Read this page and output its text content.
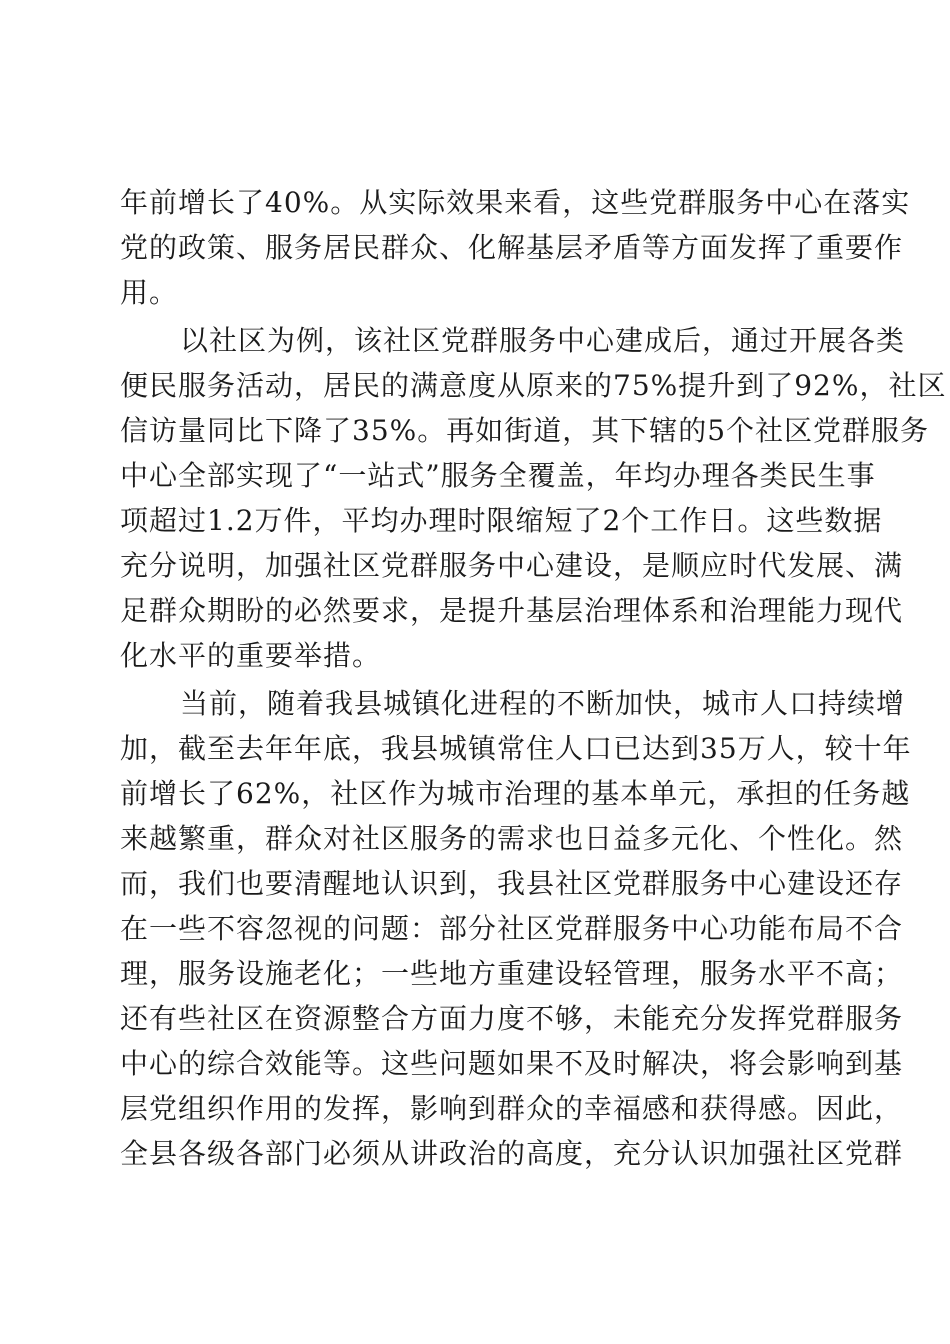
年前增长了40%。从实际效果来看，这些党群服务中心在落实
党的政策、服务居民群众、化解基层矛盾等方面发挥了重要作
用。
以社区为例，该社区党群服务中心建成后，通过开展各类
便民服务活动，居民的满意度从原来的75%提升到了92%，社区
信访量同比下降了35%。再如街道，其下辖的5个社区党群服务
中心全部实现了“一站式”服务全覆盖，年均办理各类民生事
项超过1.2万件，平均办理时限缩短了2个工作日。这些数据
充分说明，加强社区党群服务中心建设，是顺应时代发展、满
足群众期盼的必然要求，是提升基层治理体系和治理能力现代
化水平的重要举措。
当前，随着我县城镇化进程的不断加快，城市人口持续增
加，截至去年年底，我县城镇常住人口已达到35万人，较十年
前增长了62%，社区作为城市治理的基本单元，承担的任务越
来越繁重，群众对社区服务的需求也日益多元化、个性化。然
而，我们也要清醒地认识到，我县社区党群服务中心建设还存
在一些不容忽视的问题：部分社区党群服务中心功能布局不合
理，服务设施老化；一些地方重建设轻管理，服务水平不高；
还有些社区在资源整合方面力度不够，未能充分发挥党群服务
中心的综合效能等。这些问题如果不及时解决，将会影响到基
层党组织作用的发挥，影响到群众的幸福感和获得感。因此，
全县各级各部门必须从讲政治的高度，充分认识加强社区党群
